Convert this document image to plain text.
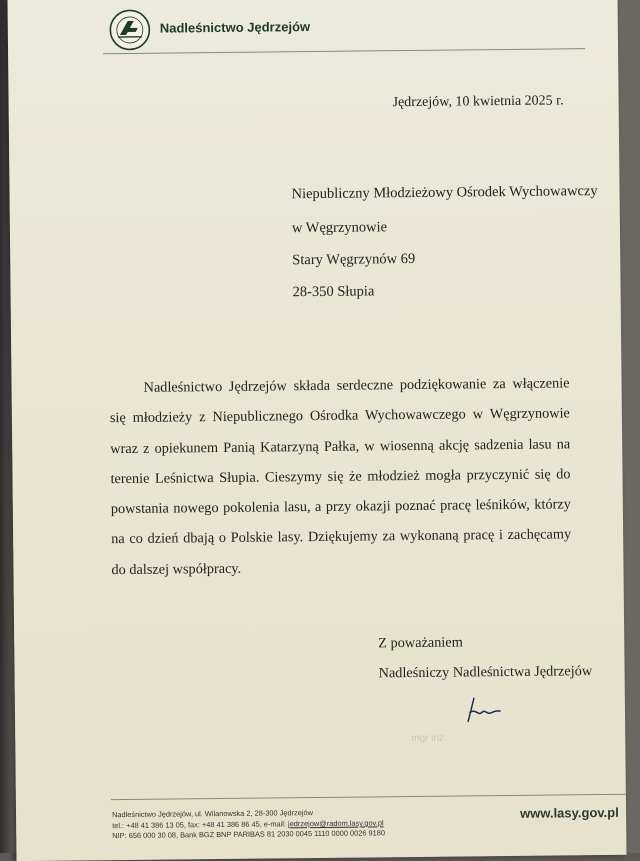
Nadleśnictwo Jędrzejów
Jędrzejów, 10 kwietnia 2025 r.
Niepubliczny Młodzieżowy Ośrodek Wychowawczy
w Węgrzynowie
Stary Węgrzynów 69
28-350 Słupia

Nadleśnictwo Jędrzejów składa serdeczne podziękowanie za włączenie się młodzieży z Niepublicznego Ośrodka Wychowawczego w Węgrzynowie wraz z opiekunem Panią Katarzyną Pałka, w wiosenną akcję sadzenia lasu na terenie Leśnictwa Słupia. Cieszymy się że młodzież mogła przyczynić się do powstania nowego pokolenia lasu, a przy okazji poznać pracę leśników, którzy na co dzień dbają o Polskie lasy. Dziękujemy za wykonaną pracę i zachęcamy do dalszej współpracy.

Z poważaniem
Nadleśniczy Nadleśnictwa Jędrzejów
mgr inż.
Nadleśnictwo Jędrzejów, ul. Wilanowska 2, 28-300 Jędrzejów
tel.: +48 41 386 13 05, fax: +48 41 386 86 45, e-mail: jedrzejow@radom.lasy.gov.pl
NIP: 656 000 30 08, Bank BGŻ BNP PARIBAS 81 2030 0045 1110 0000 0026 9180
www.lasy.gov.pl
